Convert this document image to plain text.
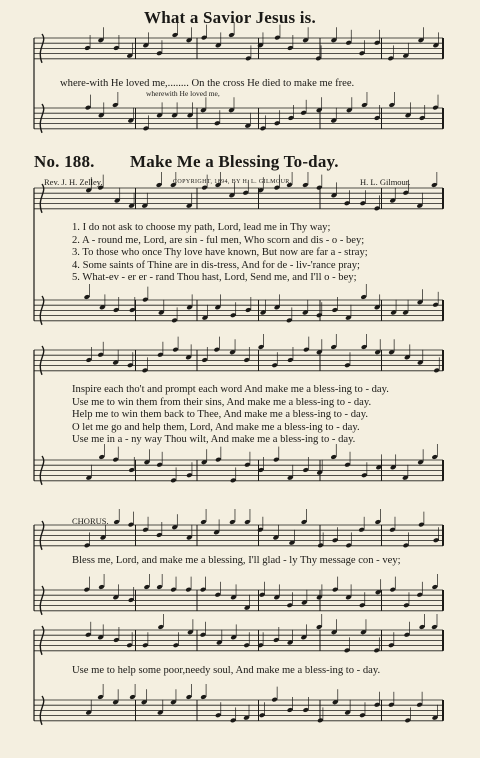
What a Savior Jesus is.
where-with He loved me,........ On the cross He died to make me free.
wherewith He loved me,
No. 188. Make Me a Blessing To-day.
Rev. J. H. Zelley.	COPYRIGHT, 1894, BY H. L. GILMOUR.	H. L. Gilmour.
1. I do not ask to choose my path, Lord, lead me in Thy way;
2. A - round me, Lord, are sin - ful men, Who scorn and dis - o - bey;
3. To those who once Thy love have known, But now are far a - stray;
4. Some saints of Thine are in dis-tress, And for de - liv-'rance pray;
5. What-ev - er er - rand Thou hast, Lord, Send me, and I'll o - bey;
Inspire each tho't and prompt each word And make me a bless-ing to - day.
Use me to win them from their sins, And make me a bless-ing to - day.
Help me to win them back to Thee, And make me a bless-ing to - day.
O let me go and help them, Lord, And make me a bless-ing to - day.
Use me in a - ny way Thou wilt, And make me a bless-ing to - day.
CHORUS.
Bless me, Lord, and make me a blessing, I'll glad - ly Thy message con - vey;
Use me to help some poor,needy soul, And make me a bless-ing to - day.
